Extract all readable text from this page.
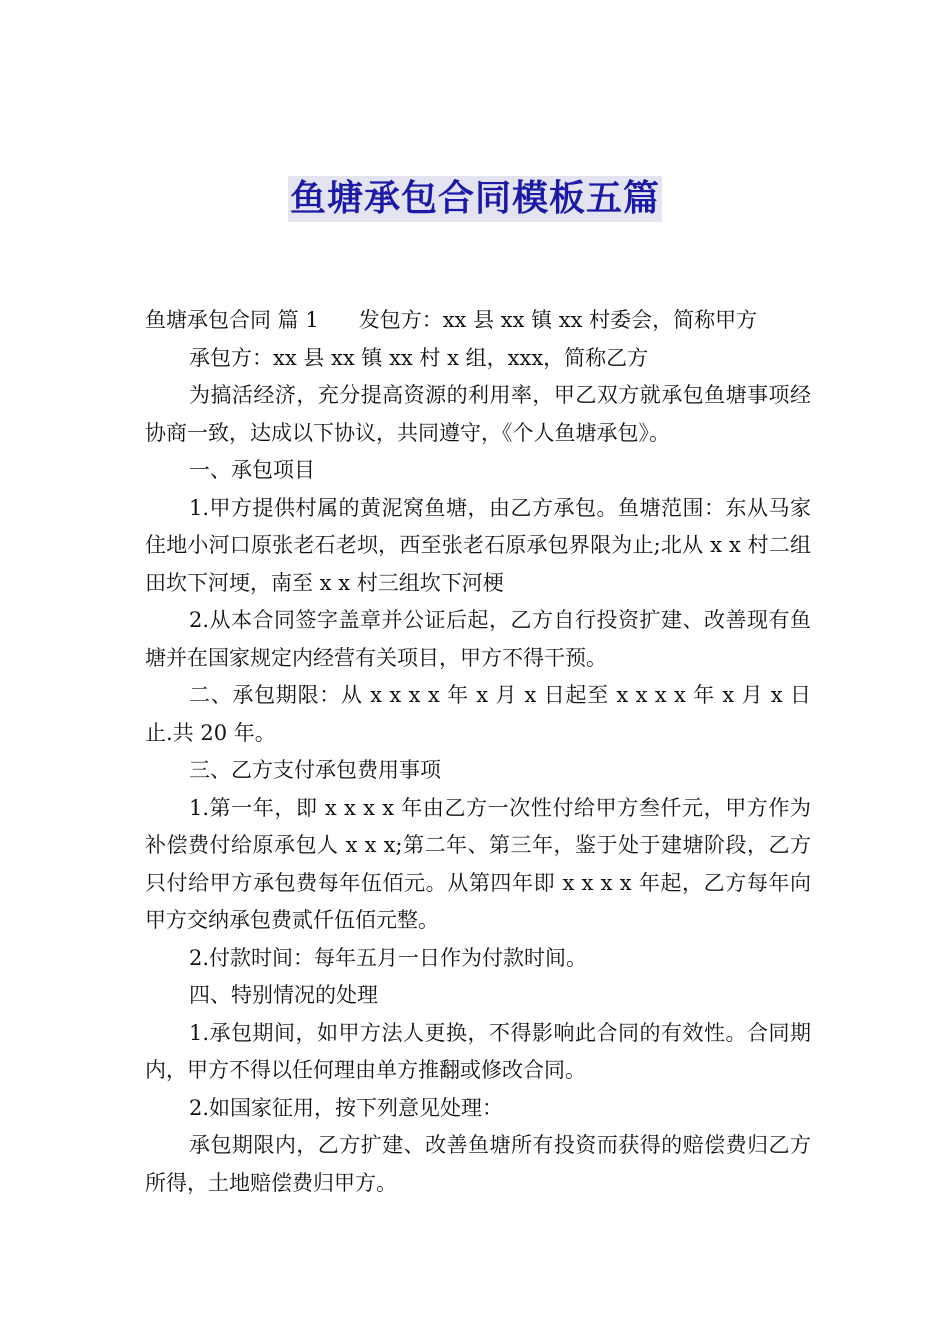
鱼塘承包合同模板五篇

鱼塘承包合同 篇 1 发包方：xx 县 xx 镇 xx 村委会，简称甲方

承包方：xx 县 xx 镇 xx 村 x 组，xxx，简称乙方

为搞活经济，充分提高资源的利用率，甲乙双方就承包鱼塘事项经协商一致，达成以下协议，共同遵守，《个人鱼塘承包》。

一、承包项目

1.甲方提供村属的黄泥窝鱼塘，由乙方承包。鱼塘范围：东从马家住地小河口原张老石老坝，西至张老石原承包界限为止;北从 x x 村二组田坎下河埂，南至 x x 村三组坎下河梗

2.从本合同签字盖章并公证后起，乙方自行投资扩建、改善现有鱼塘并在国家规定内经营有关项目，甲方不得干预。

二、承包期限：从 x x x x 年 x 月 x 日起至 x x x x 年 x 月 x 日止.共 20 年。

三、乙方支付承包费用事项

1.第一年，即 x x x x 年由乙方一次性付给甲方叁仟元，甲方作为补偿费付给原承包人 x x x;第二年、第三年，鉴于处于建塘阶段，乙方只付给甲方承包费每年伍佰元。从第四年即 x x x x 年起，乙方每年向甲方交纳承包费贰仟伍佰元整。

2.付款时间：每年五月一日作为付款时间。

四、特别情况的处理

1.承包期间，如甲方法人更换，不得影响此合同的有效性。合同期内，甲方不得以任何理由单方推翻或修改合同。

2.如国家征用，按下列意见处理：

承包期限内，乙方扩建、改善鱼塘所有投资而获得的赔偿费归乙方所得，土地赔偿费归甲方。
